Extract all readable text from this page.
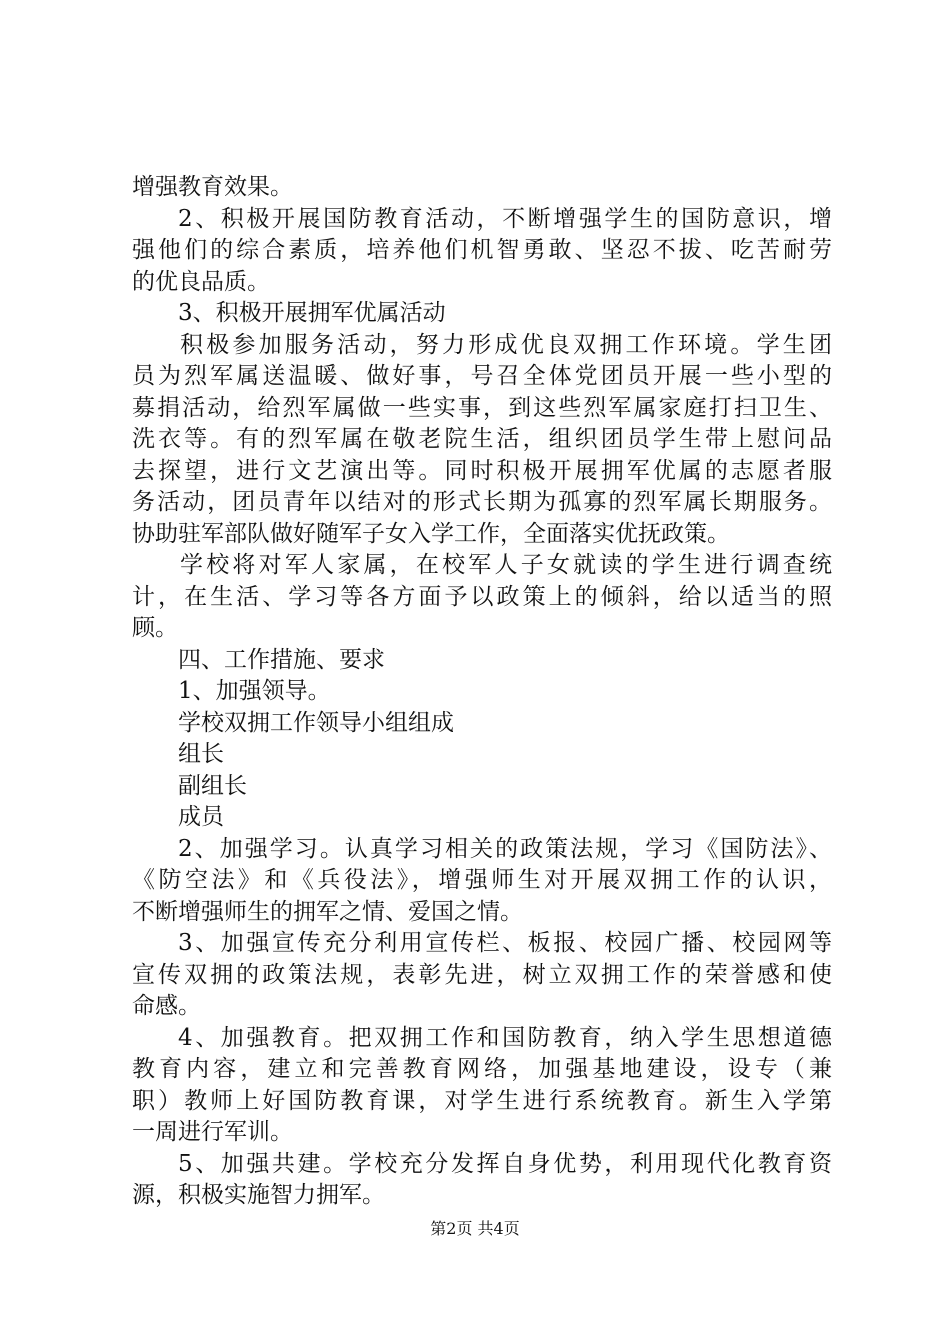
增强教育效果。
2、积极开展国防教育活动，不断增强学生的国防意识，增
强他们的综合素质，培养他们机智勇敢、坚忍不拔、吃苦耐劳
的优良品质。
3、积极开展拥军优属活动
积极参加服务活动，努力形成优良双拥工作环境。学生团
员为烈军属送温暖、做好事，号召全体党团员开展一些小型的
募捐活动，给烈军属做一些实事，到这些烈军属家庭打扫卫生、
洗衣等。有的烈军属在敬老院生活，组织团员学生带上慰问品
去探望，进行文艺演出等。同时积极开展拥军优属的志愿者服
务活动，团员青年以结对的形式长期为孤寡的烈军属长期服务。
协助驻军部队做好随军子女入学工作，全面落实优抚政策。
学校将对军人家属，在校军人子女就读的学生进行调查统
计，在生活、学习等各方面予以政策上的倾斜，给以适当的照
顾。
四、工作措施、要求
1、加强领导。
学校双拥工作领导小组组成
组长
副组长
成员
2、加强学习。认真学习相关的政策法规，学习《国防法》、
《防空法》和《兵役法》，增强师生对开展双拥工作的认识，
不断增强师生的拥军之情、爱国之情。
3、加强宣传充分利用宣传栏、板报、校园广播、校园网等
宣传双拥的政策法规，表彰先进，树立双拥工作的荣誉感和使
命感。
4、加强教育。把双拥工作和国防教育，纳入学生思想道德
教育内容，建立和完善教育网络，加强基地建设，设专（兼
职）教师上好国防教育课，对学生进行系统教育。新生入学第
一周进行军训。
5、加强共建。学校充分发挥自身优势，利用现代化教育资
源，积极实施智力拥军。
第2页 共4页
